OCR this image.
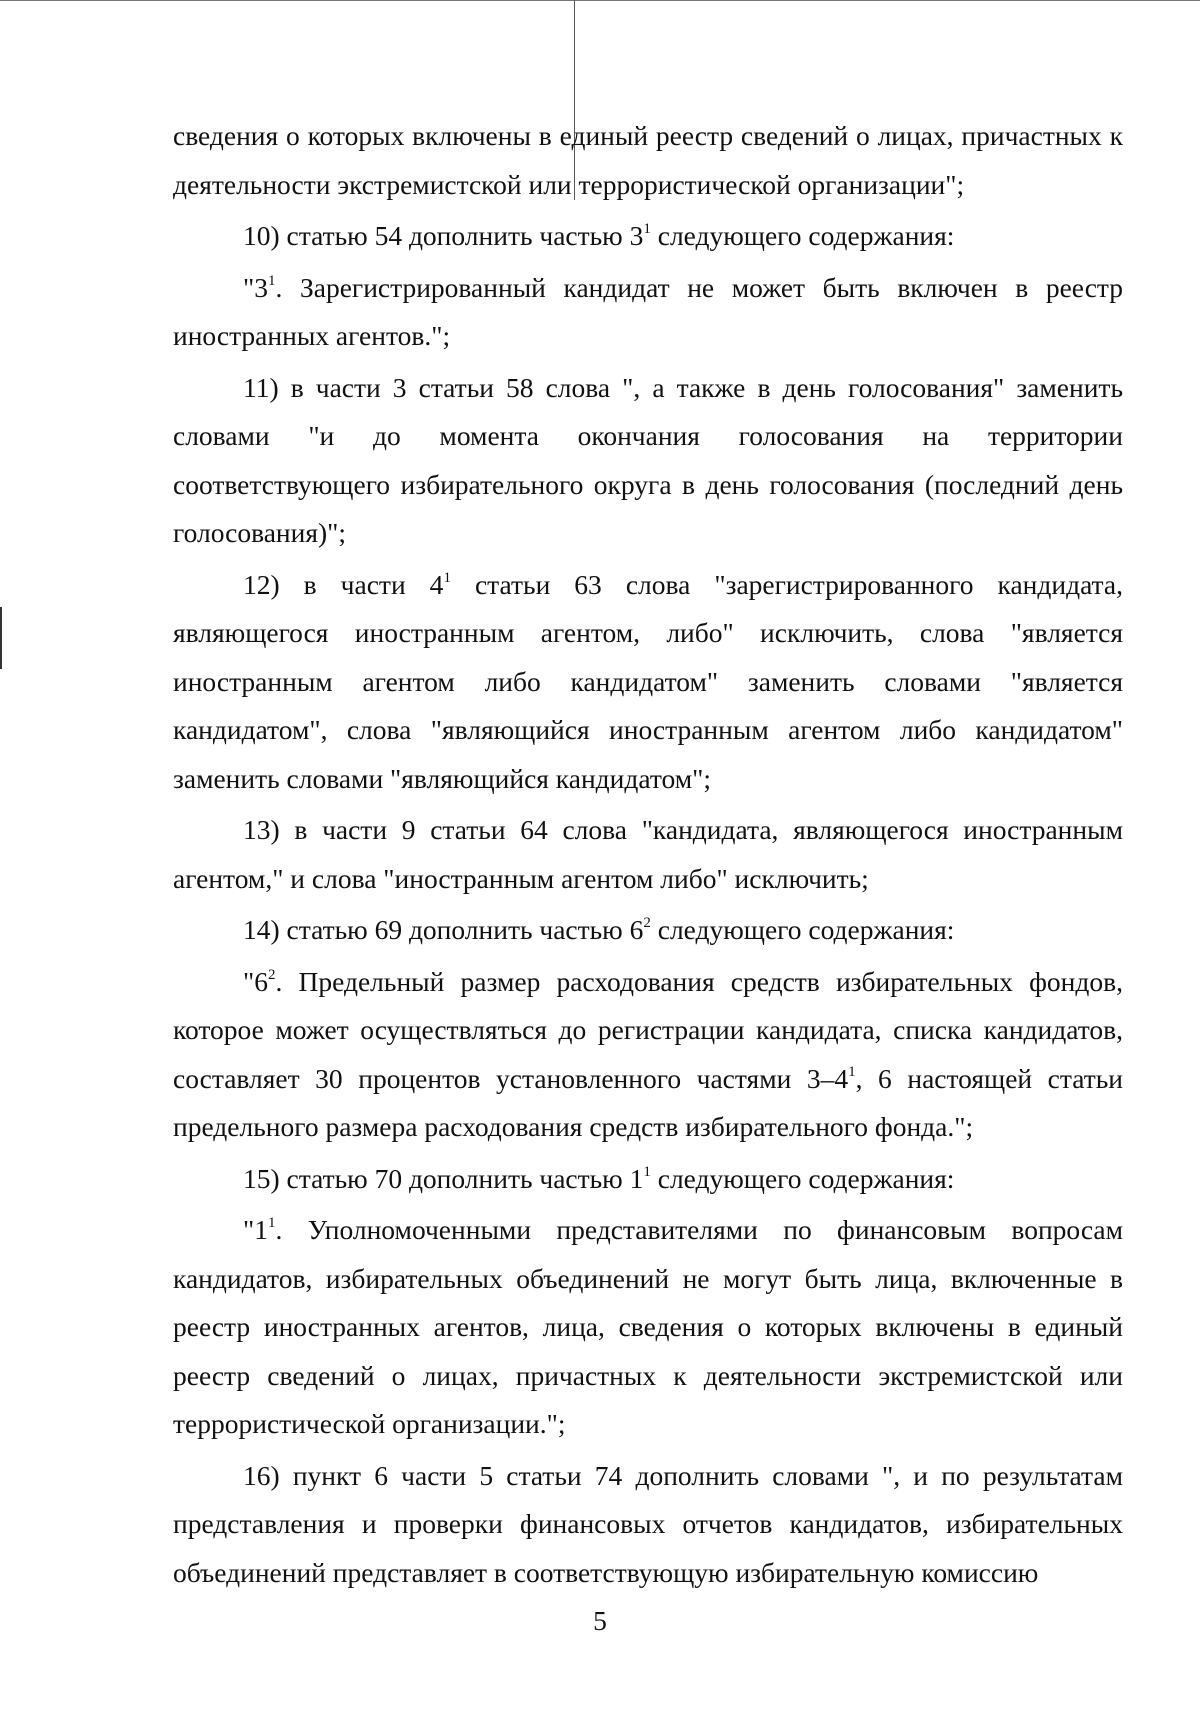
сведения о которых включены в единый реестр сведений о лицах, причастных к деятельности экстремистской или террористической организации";

10) статью 54 дополнить частью $3^1$ следующего содержания:

"$3^1$. Зарегистрированный кандидат не может быть включен в реестр иностранных агентов.";

11) в части 3 статьи 58 слова ", а также в день голосования" заменить словами "и до момента окончания голосования на территории соответствующего избирательного округа в день голосования (последний день голосования)";

12) в части $4^1$ статьи 63 слова "зарегистрированного кандидата, являющегося иностранным агентом, либо" исключить, слова "является иностранным агентом либо кандидатом" заменить словами "является кандидатом", слова "являющийся иностранным агентом либо кандидатом" заменить словами "являющийся кандидатом";

13) в части 9 статьи 64 слова "кандидата, являющегося иностранным агентом," и слова "иностранным агентом либо" исключить;

14) статью 69 дополнить частью $6^2$ следующего содержания:

"$6^2$. Предельный размер расходования средств избирательных фондов, которое может осуществляться до регистрации кандидата, списка кандидатов, составляет 30 процентов установленного частями $3-4^1$, 6 настоящей статьи предельного размера расходования средств избирательного фонда.";

15) статью 70 дополнить частью $1^1$ следующего содержания:

"$1^1$. Уполномоченными представителями по финансовым вопросам кандидатов, избирательных объединений не могут быть лица, включенные в реестр иностранных агентов, лица, сведения о которых включены в единый реестр сведений о лицах, причастных к деятельности экстремистской или террористической организации.";

16) пункт 6 части 5 статьи 74 дополнить словами ", и по результатам представления и проверки финансовых отчетов кандидатов, избирательных объединений представляет в соответствующую избирательную комиссию

5
